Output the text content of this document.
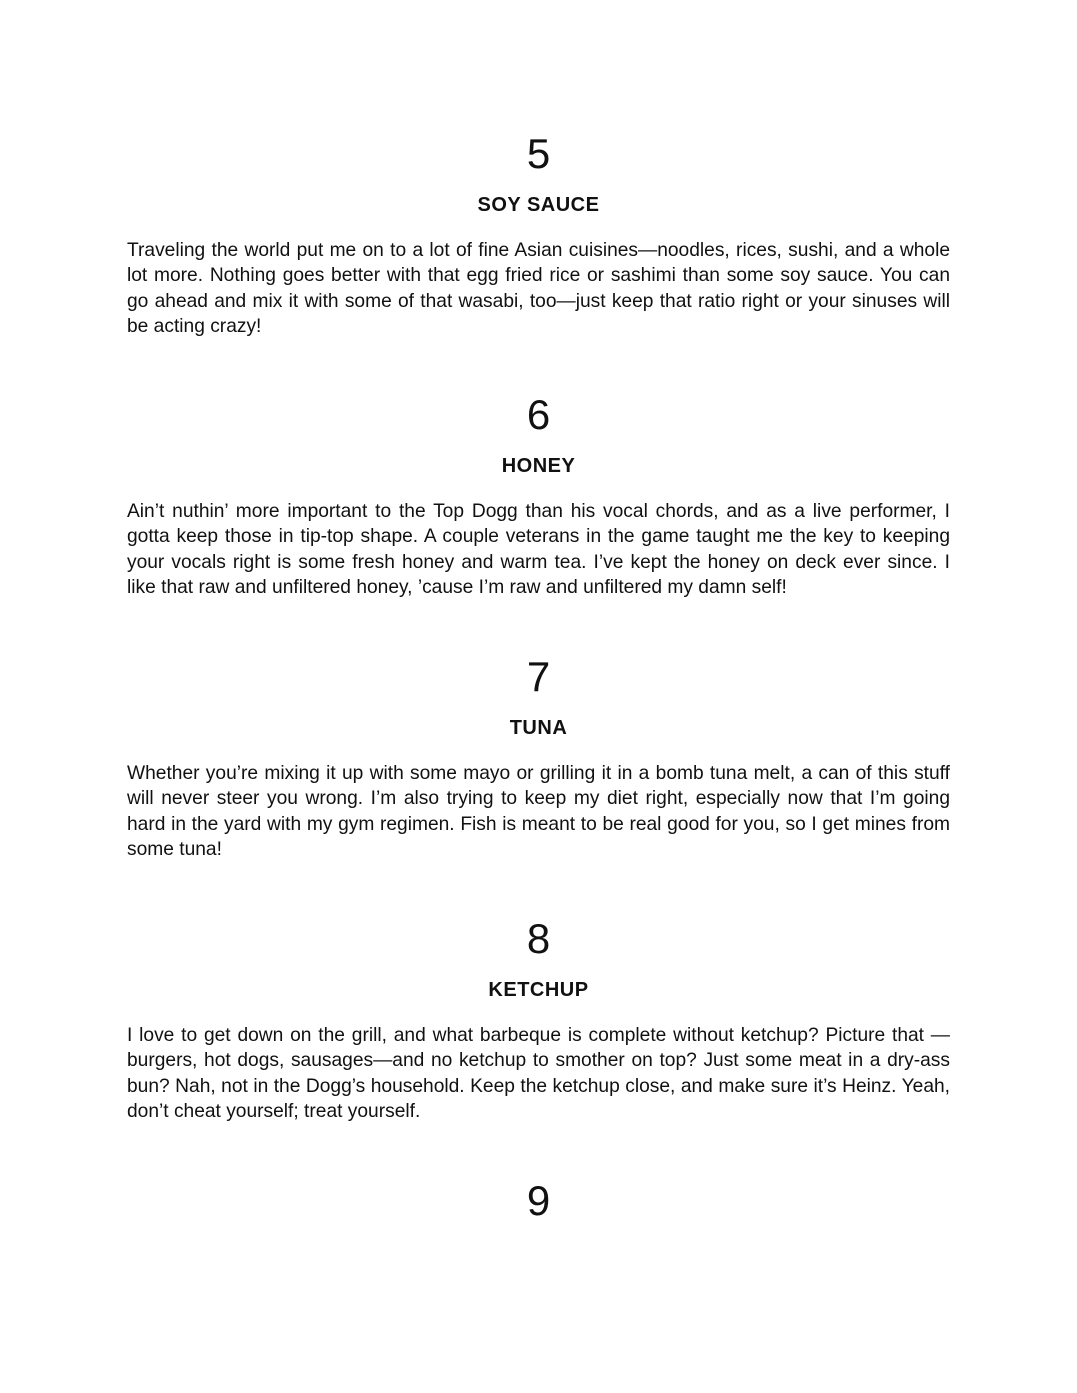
5
SOY SAUCE

Traveling the world put me on to a lot of fine Asian cuisines—noodles, rices, sushi, and a whole lot more. Nothing goes better with that egg fried rice or sashimi than some soy sauce. You can go ahead and mix it with some of that wasabi, too—just keep that ratio right or your sinuses will be acting crazy!

6
HONEY

Ain’t nuthin’ more important to the Top Dogg than his vocal chords, and as a live performer, I gotta keep those in tip-top shape. A couple veterans in the game taught me the key to keeping your vocals right is some fresh honey and warm tea. I’ve kept the honey on deck ever since. I like that raw and unfiltered honey, ’cause I’m raw and unfiltered my damn self!

7
TUNA

Whether you’re mixing it up with some mayo or grilling it in a bomb tuna melt, a can of this stuff will never steer you wrong. I’m also trying to keep my diet right, especially now that I’m going hard in the yard with my gym regimen. Fish is meant to be real good for you, so I get mines from some tuna!

8
KETCHUP

I love to get down on the grill, and what barbeque is complete without ketchup? Picture that —burgers, hot dogs, sausages—and no ketchup to smother on top? Just some meat in a dry-ass bun? Nah, not in the Dogg’s household. Keep the ketchup close, and make sure it’s Heinz. Yeah, don’t cheat yourself; treat yourself.

9
